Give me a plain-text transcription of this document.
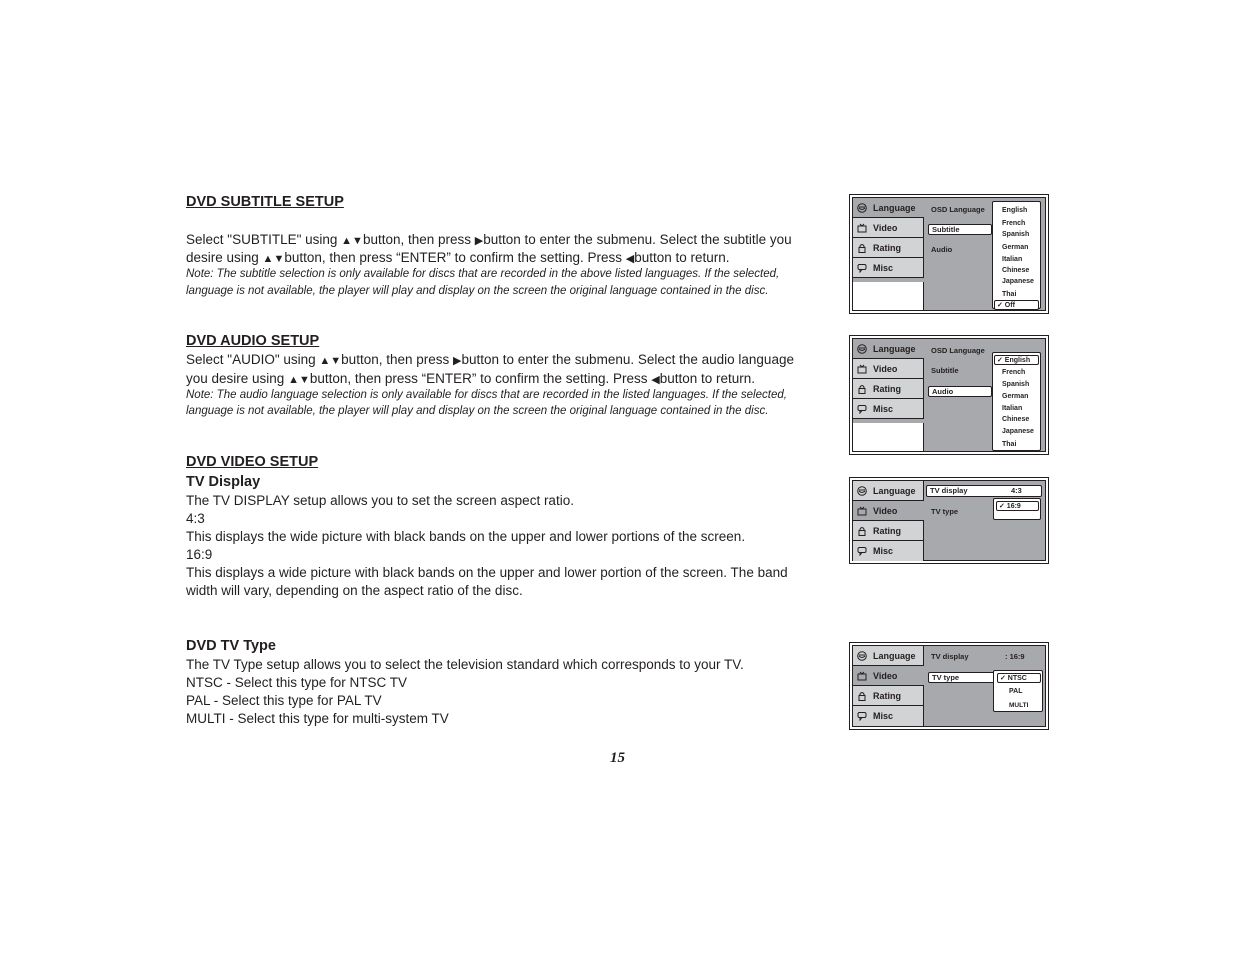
DVD SUBTITLE SETUP

Select "SUBTITLE" using ▲▼button, then press ▶button to enter the submenu. Select the subtitle you

desire using ▲▼button, then press “ENTER” to confirm the setting. Press ◀button to return.

Note: The subtitle selection is only available for discs that are recorded in the above listed languages. If the selected,

language is not available, the player will play and display on the screen the original language contained in the disc.

DVD AUDIO SETUP

Select "AUDIO" using ▲▼button, then press ▶button to enter the submenu. Select the audio language

you desire using ▲▼button, then press “ENTER” to confirm the setting. Press ◀button to return.

Note: The audio language selection is only available for discs that are recorded in the listed languages. If the selected,

language is not available, the player will play and display on the screen the original language contained in the disc.

DVD VIDEO SETUP
TV Display

The TV DISPLAY setup allows you to set the screen aspect ratio.

4:3

This displays the wide picture with black bands on the upper and lower portions of the screen.

16:9

This displays a wide picture with black bands on the upper and lower portion of the screen. The band

width will vary, depending on the aspect ratio of the disc.

DVD TV Type

The TV Type setup allows you to select the television standard which corresponds to your TV.

NTSC - Select this type for NTSC TV

PAL - Select this type for PAL TV

MULTI - Select this type for multi-system TV

15
Language
Video
Rating
Misc
OSD Language
Subtitle
Audio
English
French
Spanish
German
Italian
Chinese
Japanese
Thai
✓ Off
Language
Video
Rating
Misc
OSD Language
Subtitle
Audio
✓ English
French
Spanish
German
Italian
Chinese
Japanese
Thai
Language
Video
Rating
Misc
TV display	4:3
TV type
✓ 16:9
Language
Video
Rating
Misc
TV display	: 16:9
TV type	✓ NTSC
PAL
MULTI
